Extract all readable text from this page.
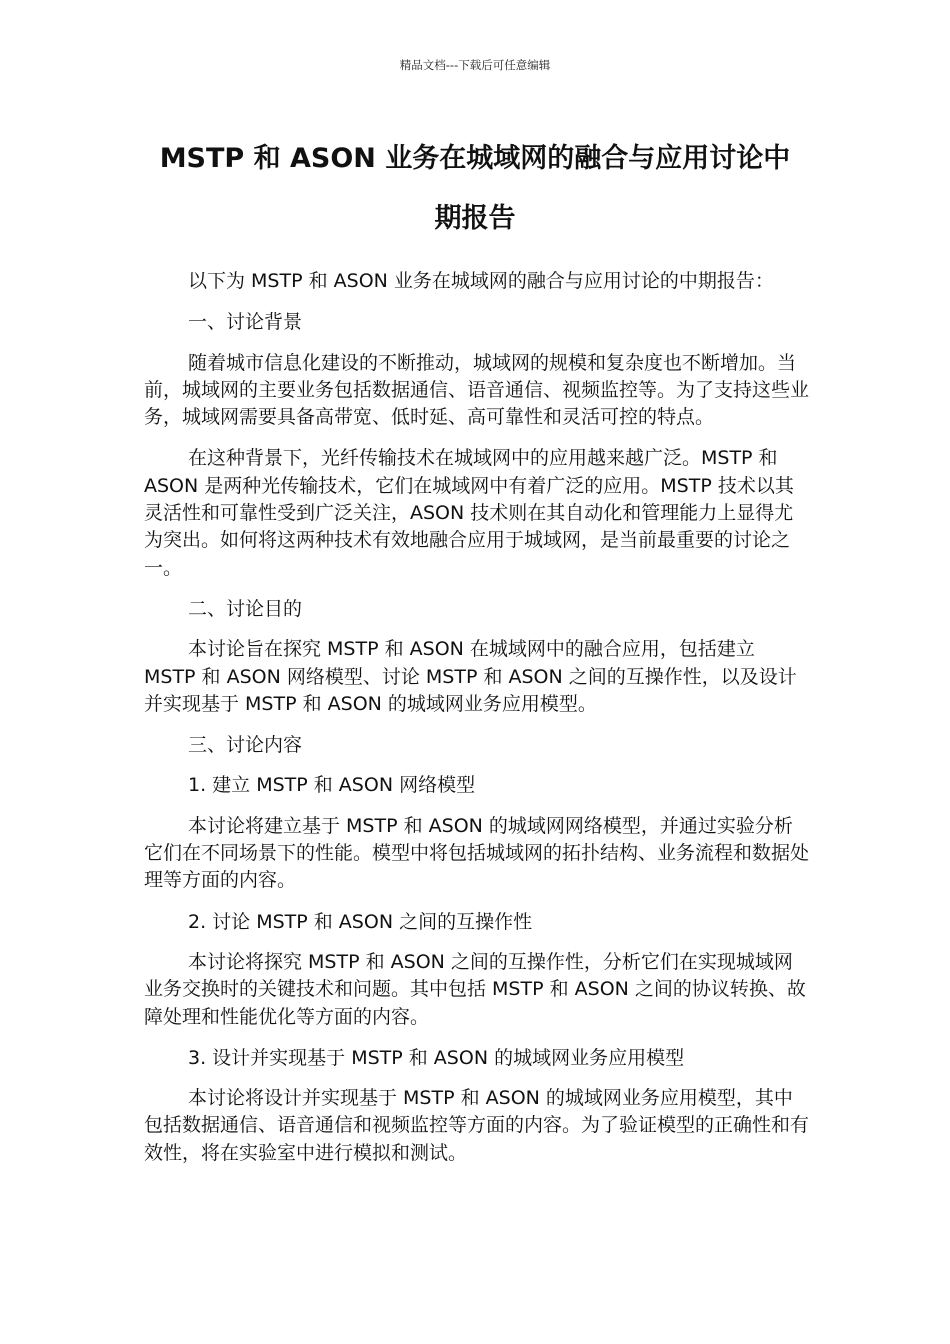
精品文档---下载后可任意编辑
MSTP 和 ASON 业务在城域网的融合与应用讨论中
期报告

以下为 MSTP 和 ASON 业务在城域网的融合与应用讨论的中期报告：

一、讨论背景

随着城市信息化建设的不断推动，城域网的规模和复杂度也不断增加。当前，城域网的主要业务包括数据通信、语音通信、视频监控等。为了支持这些业务，城域网需要具备高带宽、低时延、高可靠性和灵活可控的特点。

在这种背景下，光纤传输技术在城域网中的应用越来越广泛。MSTP 和 ASON 是两种光传输技术，它们在城域网中有着广泛的应用。MSTP 技术以其灵活性和可靠性受到广泛关注，ASON 技术则在其自动化和管理能力上显得尤为突出。如何将这两种技术有效地融合应用于城域网，是当前最重要的讨论之一。

二、讨论目的

本讨论旨在探究 MSTP 和 ASON 在城域网中的融合应用，包括建立 MSTP 和 ASON 网络模型、讨论 MSTP 和 ASON 之间的互操作性，以及设计并实现基于 MSTP 和 ASON 的城域网业务应用模型。

三、讨论内容

1. 建立 MSTP 和 ASON 网络模型

本讨论将建立基于 MSTP 和 ASON 的城域网网络模型，并通过实验分析它们在不同场景下的性能。模型中将包括城域网的拓扑结构、业务流程和数据处理等方面的内容。

2. 讨论 MSTP 和 ASON 之间的互操作性

本讨论将探究 MSTP 和 ASON 之间的互操作性，分析它们在实现城域网业务交换时的关键技术和问题。其中包括 MSTP 和 ASON 之间的协议转换、故障处理和性能优化等方面的内容。

3. 设计并实现基于 MSTP 和 ASON 的城域网业务应用模型

本讨论将设计并实现基于 MSTP 和 ASON 的城域网业务应用模型，其中包括数据通信、语音通信和视频监控等方面的内容。为了验证模型的正确性和有效性，将在实验室中进行模拟和测试。
